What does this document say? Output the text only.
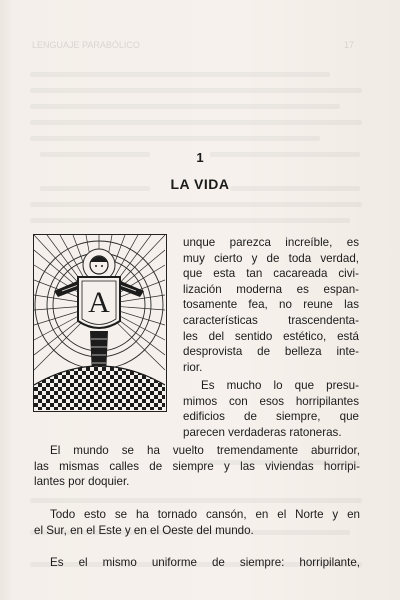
LENGUAJE PARABÓLICO	17
1
LA VIDA
A
unque parezca increíble, es
muy cierto y de toda verdad,
que esta tan cacareada civi-
lización moderna es espan-
tosamente fea, no reune las
características trascendenta-
les del sentido estético, está
desprovista de belleza inte-
rior.
Es mucho lo que presu-
mimos con esos horripilantes
edificios de siempre, que
parecen verdaderas ratoneras.
El mundo se ha vuelto tremendamente aburridor,
las mismas calles de siempre y las viviendas horripi-
lantes por doquier.
Todo esto se ha tornado cansón, en el Norte y en
el Sur, en el Este y en el Oeste del mundo.
Es el mismo uniforme de siempre: horripilante,
